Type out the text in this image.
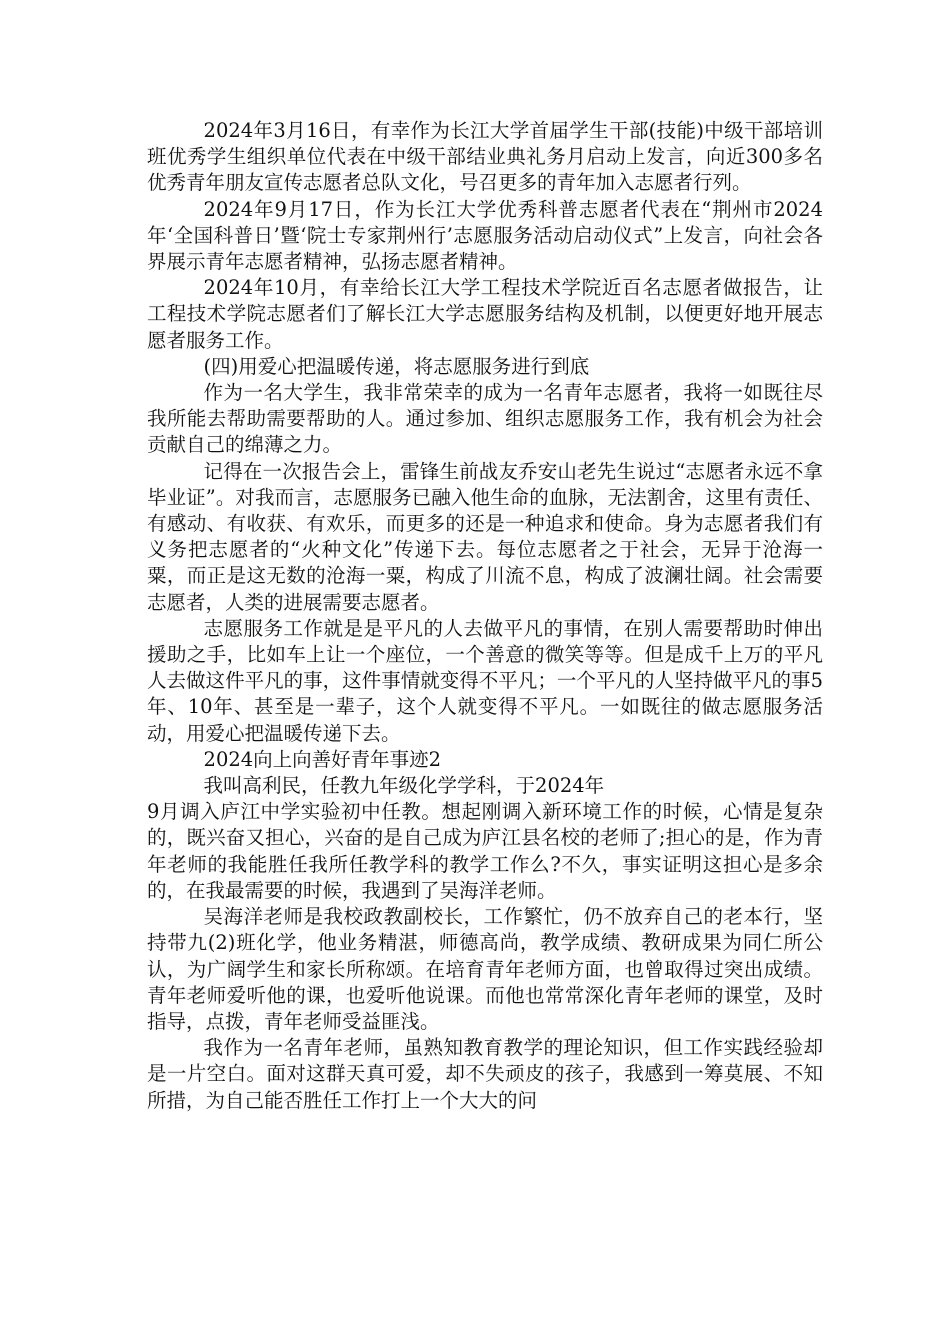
2024年3月16日，有幸作为长江大学首届学生干部(技能)中级干部培训班优秀学生组织单位代表在中级干部结业典礼务月启动上发言，向近300多名优秀青年朋友宣传志愿者总队文化，号召更多的青年加入志愿者行列。

2024年9月17日，作为长江大学优秀科普志愿者代表在“荆州市2024年‘全国科普日’暨‘院士专家荆州行’志愿服务活动启动仪式”上发言，向社会各界展示青年志愿者精神，弘扬志愿者精神。

2024年10月，有幸给长江大学工程技术学院近百名志愿者做报告，让工程技术学院志愿者们了解长江大学志愿服务结构及机制，以便更好地开展志愿者服务工作。

(四)用爱心把温暖传递，将志愿服务进行到底

作为一名大学生，我非常荣幸的成为一名青年志愿者，我将一如既往尽我所能去帮助需要帮助的人。通过参加、组织志愿服务工作，我有机会为社会贡献自己的绵薄之力。

记得在一次报告会上，雷锋生前战友乔安山老先生说过“志愿者永远不拿毕业证”。对我而言，志愿服务已融入他生命的血脉，无法割舍，这里有责任、有感动、有收获、有欢乐，而更多的还是一种追求和使命。身为志愿者我们有义务把志愿者的“火种文化”传递下去。每位志愿者之于社会，无异于沧海一粟，而正是这无数的沧海一粟，构成了川流不息，构成了波澜壮阔。社会需要志愿者，人类的进展需要志愿者。

志愿服务工作就是是平凡的人去做平凡的事情，在别人需要帮助时伸出援助之手，比如车上让一个座位，一个善意的微笑等等。但是成千上万的平凡人去做这件平凡的事，这件事情就变得不平凡；一个平凡的人坚持做平凡的事5年、10年、甚至是一辈子，这个人就变得不平凡。一如既往的做志愿服务活动，用爱心把温暖传递下去。

2024向上向善好青年事迹2

我叫高利民，任教九年级化学学科，于2024年

9月调入庐江中学实验初中任教。想起刚调入新环境工作的时候，心情是复杂的，既兴奋又担心，兴奋的是自己成为庐江县名校的老师了;担心的是，作为青年老师的我能胜任我所任教学科的教学工作么?不久，事实证明这担心是多余的，在我最需要的时候，我遇到了吴海洋老师。

吴海洋老师是我校政教副校长，工作繁忙，仍不放弃自己的老本行，坚持带九(2)班化学，他业务精湛，师德高尚，教学成绩、教研成果为同仁所公认，为广阔学生和家长所称颂。在培育青年老师方面，也曾取得过突出成绩。青年老师爱听他的课，也爱听他说课。而他也常常深化青年老师的课堂，及时指导，点拨，青年老师受益匪浅。

我作为一名青年老师，虽熟知教育教学的理论知识，但工作实践经验却是一片空白。面对这群天真可爱，却不失顽皮的孩子，我感到一筹莫展、不知所措，为自己能否胜任工作打上一个大大的问
